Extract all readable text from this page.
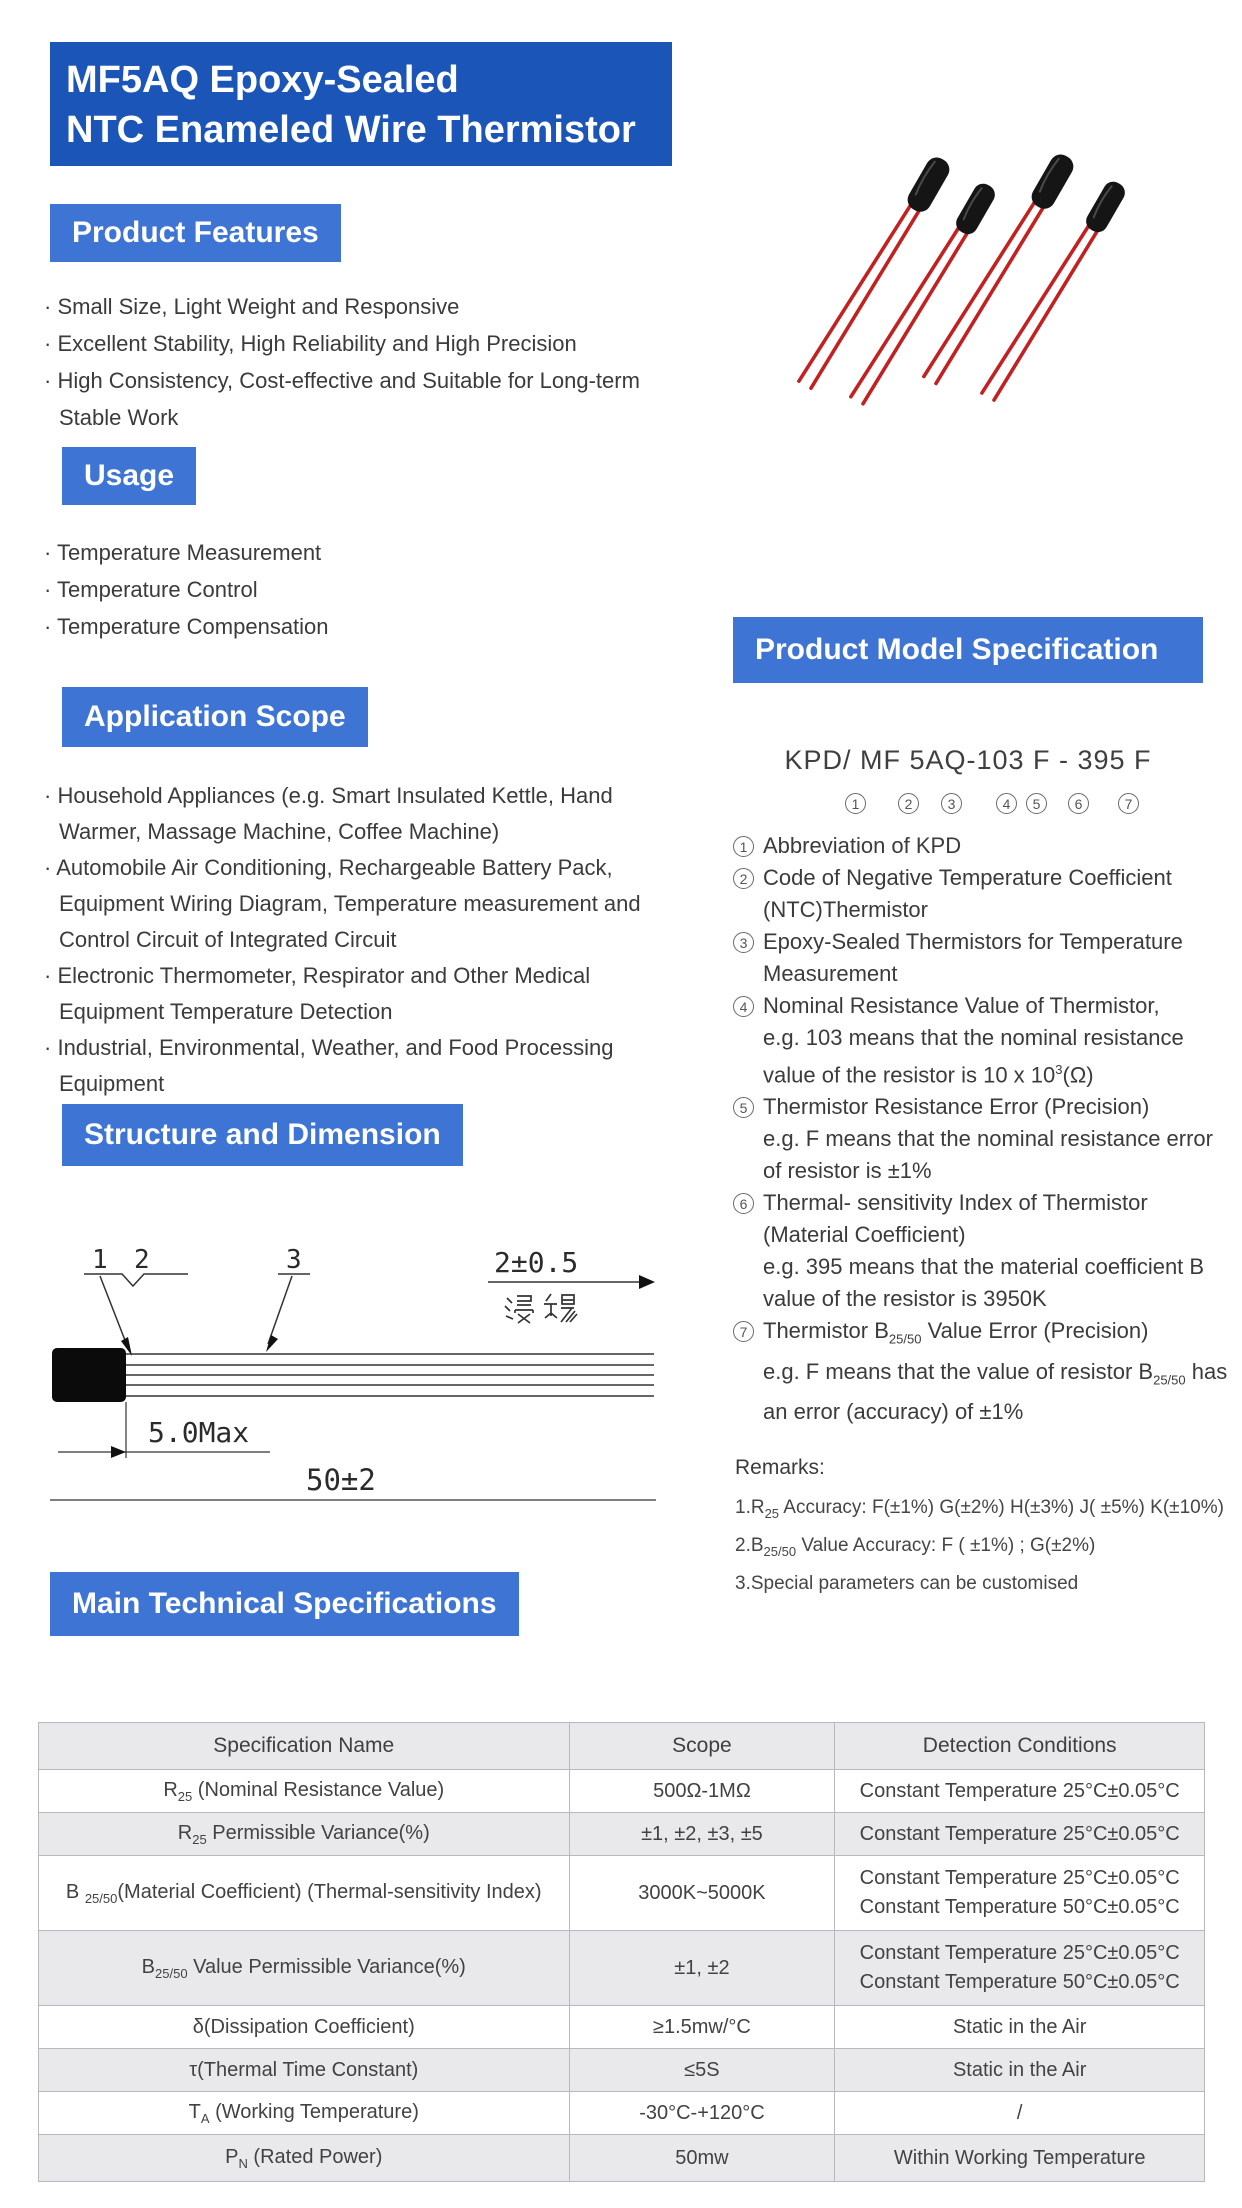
MF5AQ Epoxy-Sealed
NTC Enameled Wire Thermistor
Product Features
· Small Size, Light Weight and Responsive
· Excellent Stability, High Reliability and High Precision
· High Consistency, Cost-effective and Suitable for Long-term Stable Work
Usage
· Temperature Measurement
· Temperature Control
· Temperature Compensation
Application Scope
· Household Appliances (e.g. Smart Insulated Kettle, Hand Warmer, Massage Machine, Coffee Machine)
· Automobile Air Conditioning, Rechargeable Battery Pack, Equipment Wiring Diagram, Temperature measurement and Control Circuit of Integrated Circuit
· Electronic Thermometer, Respirator and Other Medical Equipment Temperature Detection
· Industrial, Environmental, Weather, and Food Processing Equipment
Product Model Specification
KPD/ MF 5AQ-103 F - 395 F
1	2	3	4	5	6	7
1 Abbreviation of KPD
2 Code of Negative Temperature Coefficient (NTC)Thermistor
3 Epoxy-Sealed Thermistors for Temperature Measurement
4 Nominal Resistance Value of Thermistor,
e.g. 103 means that the nominal resistance value of the resistor is 10 x $10^3(\Omega)$
5 Thermistor Resistance Error (Precision)
e.g. F means that the nominal resistance error of resistor is ±1%
6 Thermal- sensitivity Index of Thermistor (Material Coefficient)
e.g. 395 means that the material coefficient B value of the resistor is 3950K
7 Thermistor $B_{25/50}$ Value Error (Precision)
e.g. F means that the value of resistor $B_{25/50}$ has an error (accuracy) of ±1%
Remarks:
$1.R_{25}$ Accuracy: F(±1%) G(±2%) H(±3%) J( ±5%) K(±10%)
$2.B_{25/50}$ Value Accuracy: F ( ±1%) ; G(±2%)
3.Special parameters can be customised
Structure and Dimension
1 2	3	2±0.5
5.0Max
50±2
Main Technical Specifications
Specification Name	Scope	Detection Conditions
$R_{25}$ (Nominal Resistance Value)	500Ω-1MΩ	Constant Temperature 25°C±0.05°C

$R_{25}$ Permissible Variance(%)	±1, ±2, ±3, ±5	Constant Temperature 25°C±0.05°C

B $_{25/50}$(Material Coefficient) (Thermal-sensitivity Index)	3000K~5000K	Constant Temperature 25°C±0.05°C
Constant Temperature 50°C±0.05°C

$B_{25/50}$ Value Permissible Variance(%)	±1, ±2	Constant Temperature 25°C±0.05°C
Constant Temperature 50°C±0.05°C

δ(Dissipation Coefficient)	≥1.5mw/°C	Static in the Air

τ(Thermal Time Constant)	≤5S	Static in the Air

$T_A$ (Working Temperature)	-30°C-+120°C	/

$P_N$ (Rated Power)	50mw	Within Working Temperature
